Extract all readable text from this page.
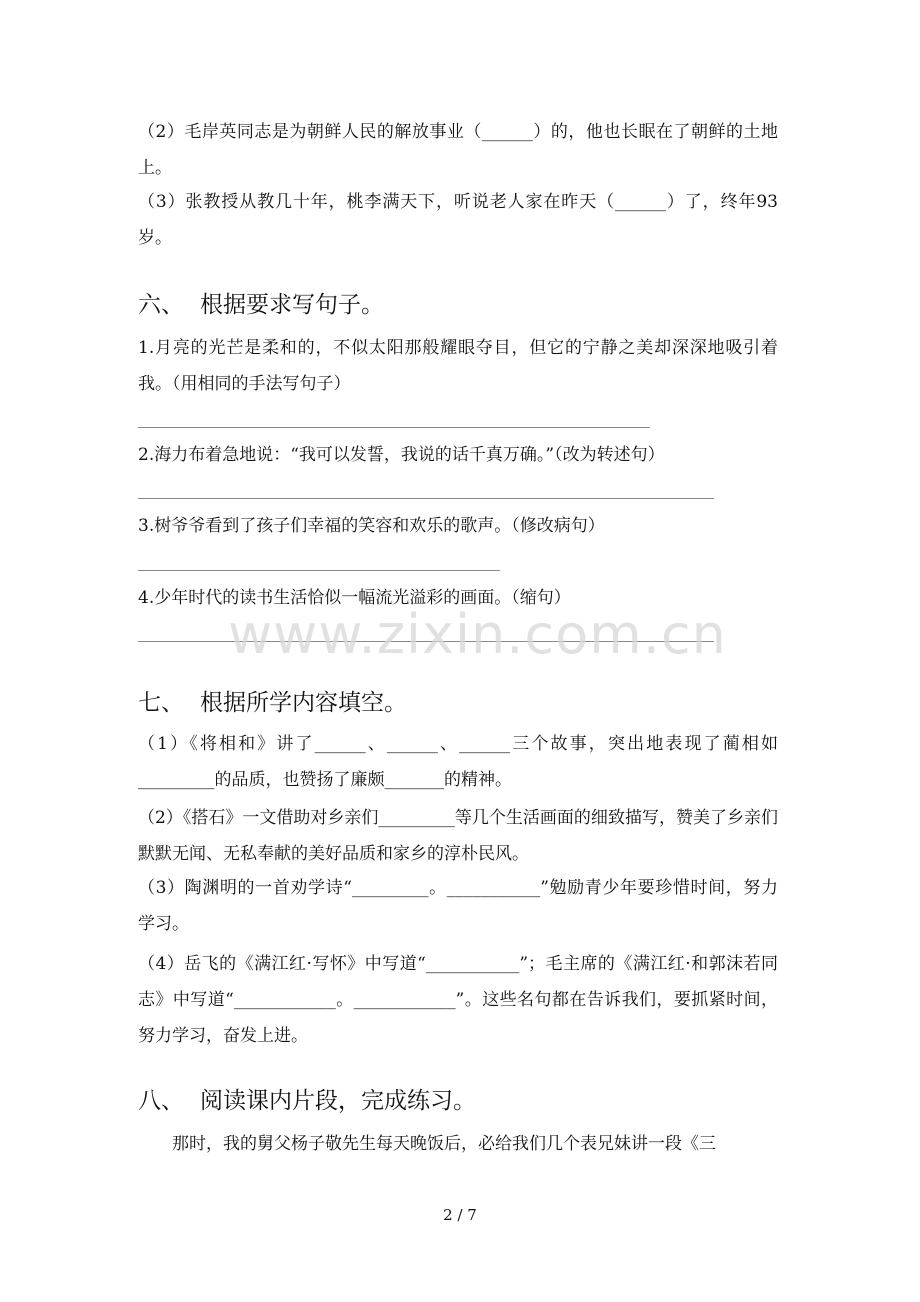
（2）毛岸英同志是为朝鲜人民的解放事业（______）的，他也长眠在了朝鲜的土地上。

（3）张教授从教几十年，桃李满天下，听说老人家在昨天（______）了，终年93岁。

六、 根据要求写句子。

1.月亮的光芒是柔和的，不似太阳那般耀眼夺目，但它的宁静之美却深深地吸引着我。（用相同的手法写句子）

2.海力布着急地说：“我可以发誓，我说的话千真万确。”（改为转述句）

3.树爷爷看到了孩子们幸福的笑容和欢乐的歌声。（修改病句）

4.少年时代的读书生活恰似一幅流光溢彩的画面。（缩句）

七、 根据所学内容填空。

（1）《将相和》讲了______、______、______三个故事，突出地表现了蔺相如_________的品质，也赞扬了廉颇_______的精神。

（2）《搭石》一文借助对乡亲们_________等几个生活画面的细致描写，赞美了乡亲们默默无闻、无私奉献的美好品质和家乡的淳朴民风。

（3）陶渊明的一首劝学诗“_________。___________”勉励青少年要珍惜时间，努力学习。

（4）岳飞的《满江红·写怀》中写道“___________”；毛主席的《满江红·和郭沫若同志》中写道“____________。____________”。这些名句都在告诉我们，要抓紧时间，努力学习，奋发上进。

八、 阅读课内片段，完成练习。

那时，我的舅父杨子敬先生每天晚饭后，必给我们几个表兄妹讲一段《三

www.zixin.com.cn
2 / 7
